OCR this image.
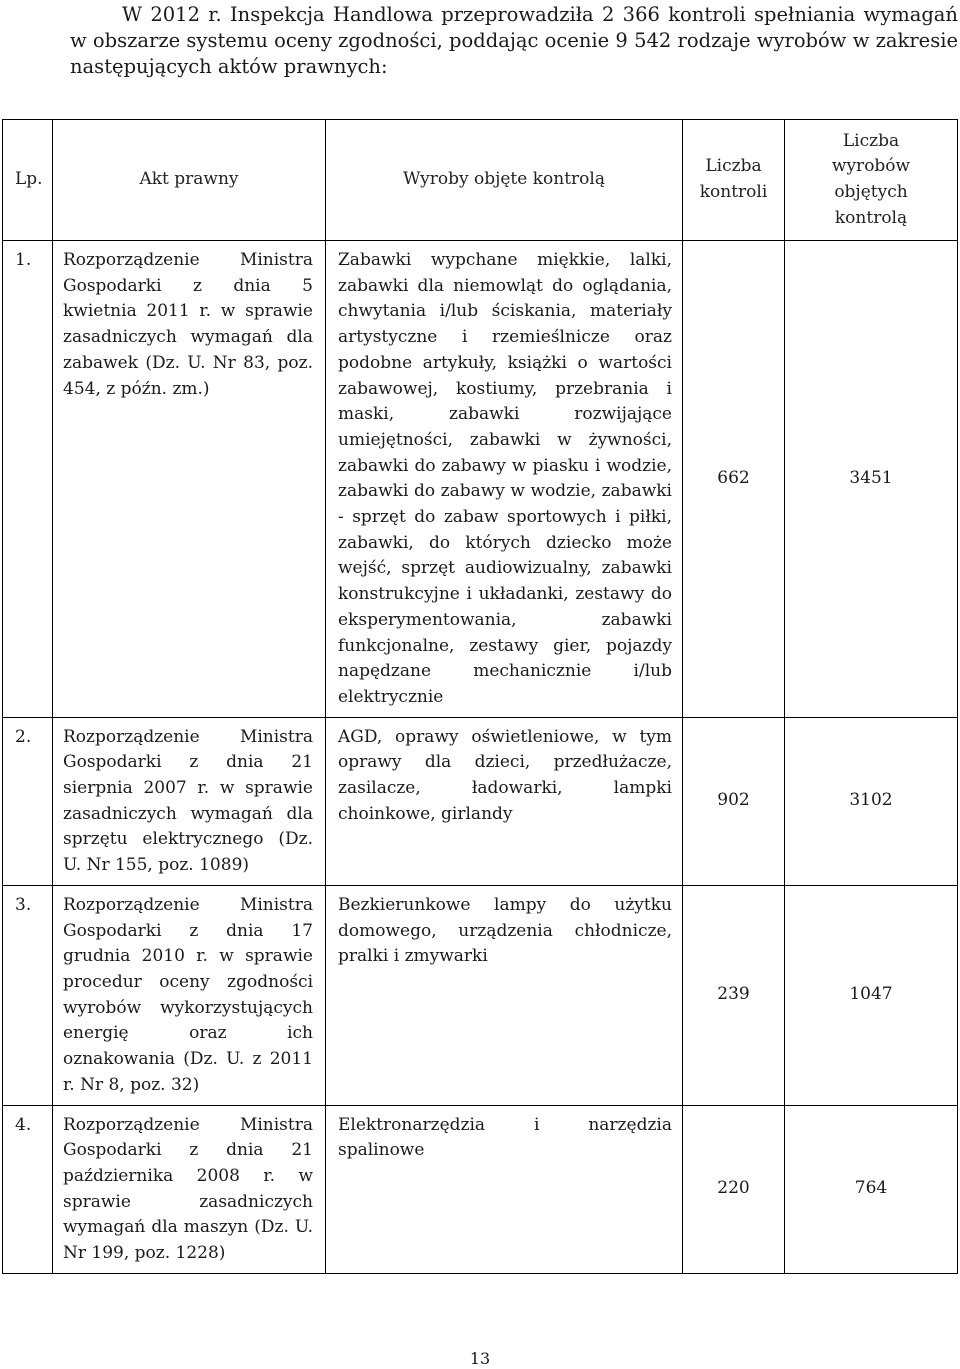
W 2012 r. Inspekcja Handlowa przeprowadziła 2 366 kontroli spełniania wymagań w obszarze systemu oceny zgodności, poddając ocenie 9 542 rodzaje wyrobów w zakresie następujących aktów prawnych:

Lp.	Akt prawny	Wyroby objęte kontrolą	Liczba kontroli	Liczba wyrobów objętych kontrolą
1.	Rozporządzenie Ministra Gospodarki z dnia 5 kwietnia 2011 r. w sprawie zasadniczych wymagań dla zabawek (Dz. U. Nr 83, poz. 454, z późn. zm.)	Zabawki wypchane miękkie, lalki, zabawki dla niemowląt do oglądania, chwytania i/lub ściskania, materiały artystyczne i rzemieślnicze oraz podobne artykuły, książki o wartości zabawowej, kostiumy, przebrania i maski, zabawki rozwijające umiejętności, zabawki w żywności, zabawki do zabawy w piasku i wodzie, zabawki do zabawy w wodzie, zabawki - sprzęt do zabaw sportowych i piłki, zabawki, do których dziecko może wejść, sprzęt audiowizualny, zabawki konstrukcyjne i układanki, zestawy do eksperymentowania, zabawki funkcjonalne, zestawy gier, pojazdy napędzane mechanicznie i/lub elektrycznie	662	3451
2.	Rozporządzenie Ministra Gospodarki z dnia 21 sierpnia 2007 r. w sprawie zasadniczych wymagań dla sprzętu elektrycznego (Dz. U. Nr 155, poz. 1089)	AGD, oprawy oświetleniowe, w tym oprawy dla dzieci, przedłużacze, zasilacze, ładowarki, lampki choinkowe, girlandy	902	3102
3.	Rozporządzenie Ministra Gospodarki z dnia 17 grudnia 2010 r. w sprawie procedur oceny zgodności wyrobów wykorzystujących energię oraz ich oznakowania (Dz. U. z 2011 r. Nr 8, poz. 32)	Bezkierunkowe lampy do użytku domowego, urządzenia chłodnicze, pralki i zmywarki	239	1047
4.	Rozporządzenie Ministra Gospodarki z dnia 21 października 2008 r. w sprawie zasadniczych wymagań dla maszyn (Dz. U. Nr 199, poz. 1228)	Elektronarzędzia i narzędzia spalinowe	220	764
13
